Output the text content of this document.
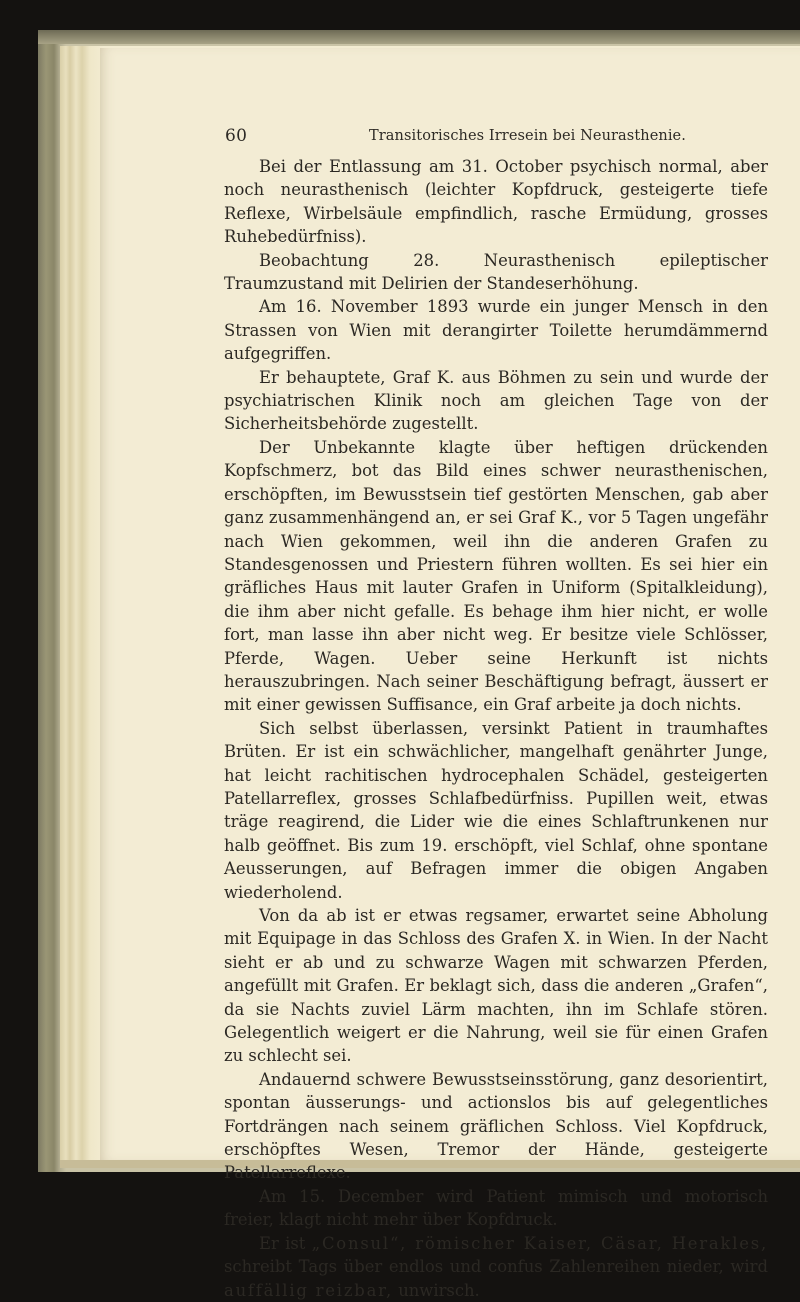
60	Transitorisches Irresein bei Neurasthenie.

Bei der Entlassung am 31. October psychisch normal, aber noch neurasthenisch (leichter Kopfdruck, gesteigerte tiefe Reflexe, Wirbelsäule empfindlich, rasche Ermüdung, grosses Ruhebedürfniss).

Beobachtung 28. Neurasthenisch epileptischer Traumzustand mit Delirien der Standeserhöhung.

Am 16. November 1893 wurde ein junger Mensch in den Strassen von Wien mit derangirter Toilette herumdämmernd aufgegriffen.

Er behauptete, Graf K. aus Böhmen zu sein und wurde der psychiatrischen Klinik noch am gleichen Tage von der Sicherheitsbehörde zugestellt.

Der Unbekannte klagte über heftigen drückenden Kopfschmerz, bot das Bild eines schwer neurasthenischen, erschöpften, im Bewusstsein tief gestörten Menschen, gab aber ganz zusammenhängend an, er sei Graf K., vor 5 Tagen ungefähr nach Wien gekommen, weil ihn die anderen Grafen zu Standesgenossen und Priestern führen wollten. Es sei hier ein gräfliches Haus mit lauter Grafen in Uniform (Spitalkleidung), die ihm aber nicht gefalle. Es behage ihm hier nicht, er wolle fort, man lasse ihn aber nicht weg. Er besitze viele Schlösser, Pferde, Wagen. Ueber seine Herkunft ist nichts herauszubringen. Nach seiner Beschäftigung befragt, äussert er mit einer gewissen Suffisance, ein Graf arbeite ja doch nichts.

Sich selbst überlassen, versinkt Patient in traumhaftes Brüten. Er ist ein schwächlicher, mangelhaft genährter Junge, hat leicht rachitischen hydrocephalen Schädel, gesteigerten Patellarreflex, grosses Schlafbedürfniss. Pupillen weit, etwas träge reagirend, die Lider wie die eines Schlaftrunkenen nur halb geöffnet. Bis zum 19. erschöpft, viel Schlaf, ohne spontane Aeusserungen, auf Befragen immer die obigen Angaben wiederholend.

Von da ab ist er etwas regsamer, erwartet seine Abholung mit Equipage in das Schloss des Grafen X. in Wien. In der Nacht sieht er ab und zu schwarze Wagen mit schwarzen Pferden, angefüllt mit Grafen. Er beklagt sich, dass die anderen „Grafen“, da sie Nachts zuviel Lärm machten, ihn im Schlafe stören. Gelegentlich weigert er die Nahrung, weil sie für einen Grafen zu schlecht sei.

Andauernd schwere Bewusstseinsstörung, ganz desorientirt, spontan äusserungs- und actionslos bis auf gelegentliches Fortdrängen nach seinem gräflichen Schloss. Viel Kopfdruck, erschöpftes Wesen, Tremor der Hände, gesteigerte Patellarreflexe.

Am 15. December wird Patient mimisch und motorisch freier, klagt nicht mehr über Kopfdruck.

Er ist „Consul“, römischer Kaiser, Cäsar, Herakles, schreibt Tags über endlos und confus Zahlenreihen nieder, wird auffällig reizbar, unwirsch.
